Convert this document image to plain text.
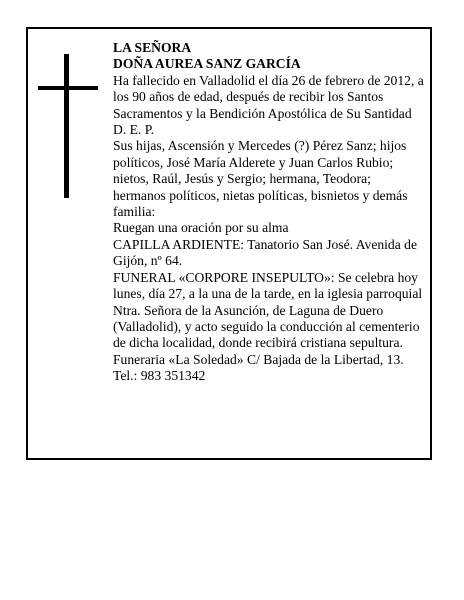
LA SEÑORA

DOÑA AUREA SANZ GARCÍA

Ha fallecido en Valladolid el día 26 de febrero de 2012, a los 90 años de edad, después de recibir los Santos Sacramentos y la Bendición Apostólica de Su Santidad D. E. P.

Sus hijas, Ascensión y Mercedes (?) Pérez Sanz; hijos políticos, José María Alderete y Juan Carlos Rubio; nietos, Raúl, Jesús y Sergio; hermana, Teodora; hermanos políticos, nietas políticas, bisnietos y demás familia:

Ruegan una oración por su alma

CAPILLA ARDIENTE: Tanatorio San José. Avenida de Gijón, nº 64.

FUNERAL «CORPORE INSEPULTO»: Se celebra hoy lunes, día 27, a la una de la tarde, en la iglesia parroquial Ntra. Señora de la Asunción, de Laguna de Duero (Valladolid), y acto seguido la conducción al cementerio de dicha localidad, donde recibirá cristiana sepultura.

Funeraria «La Soledad» C/ Bajada de la Libertad, 13. Tel.: 983 351342
